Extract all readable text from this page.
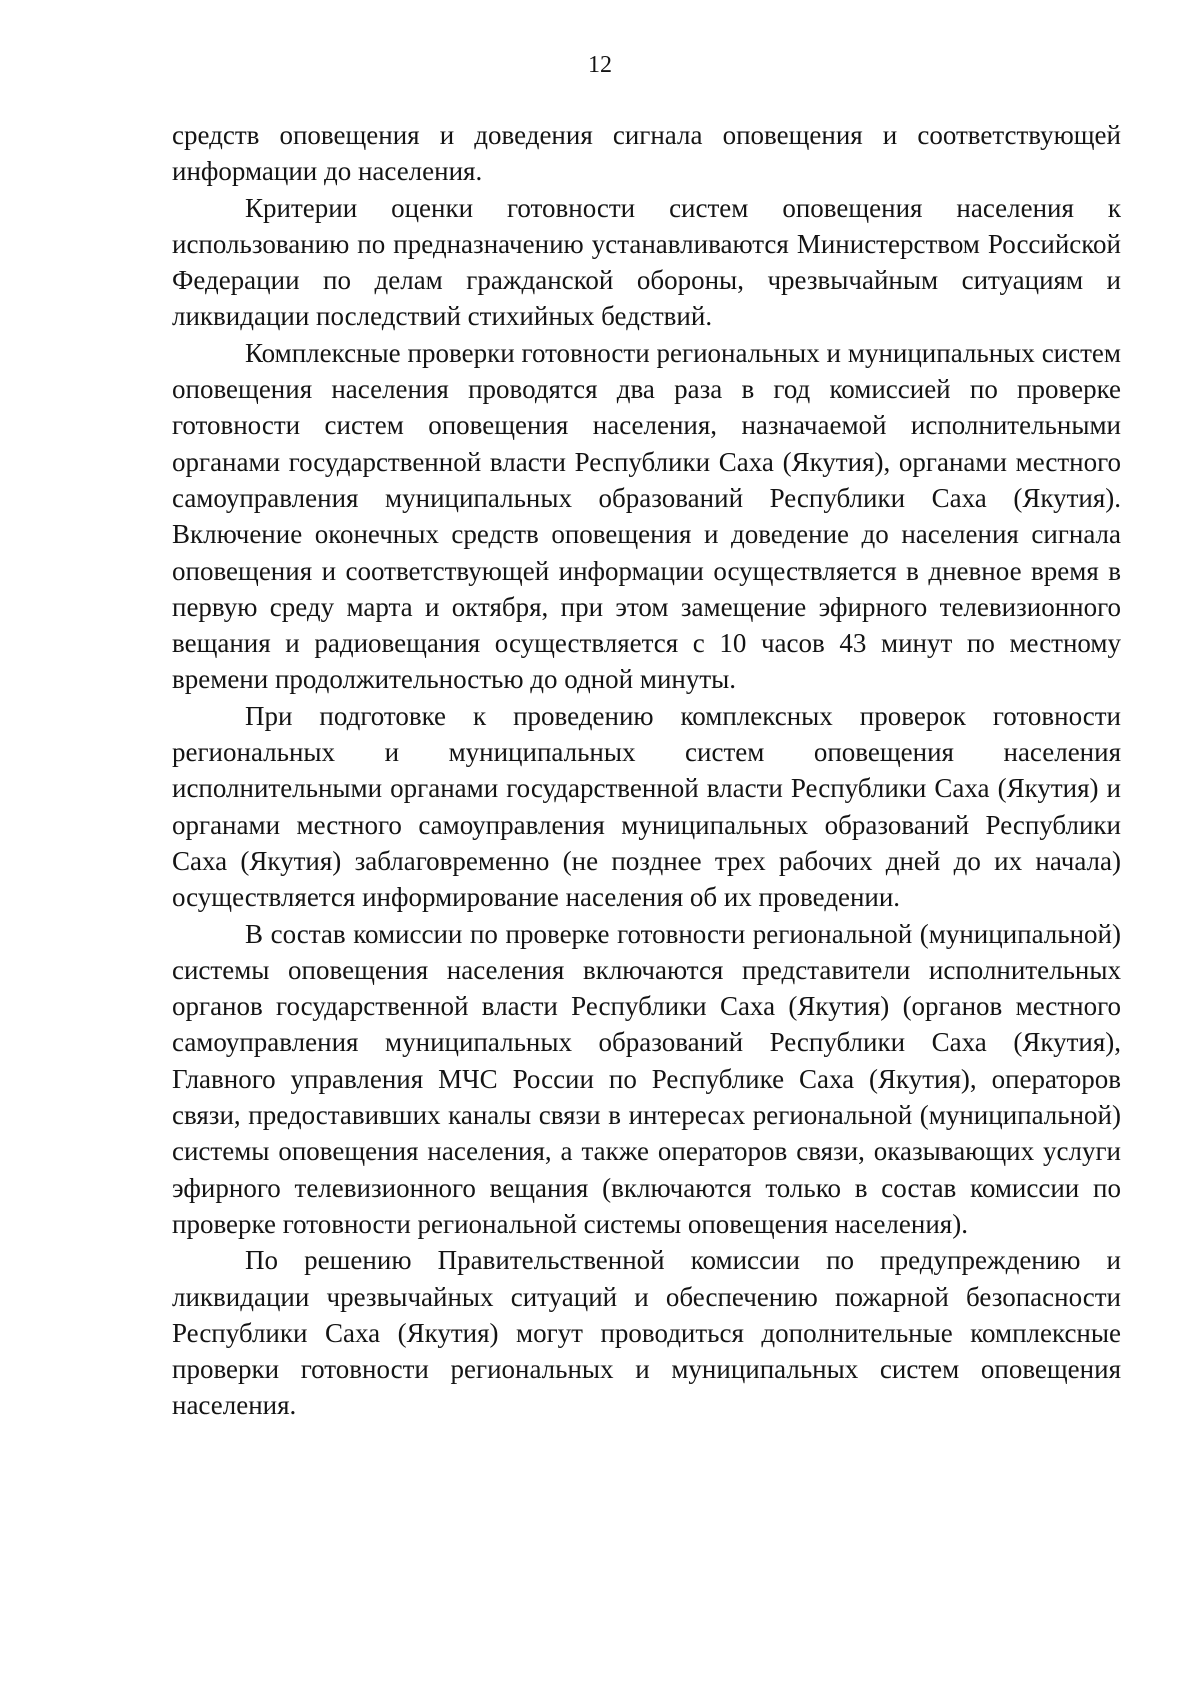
12

средств оповещения и доведения сигнала оповещения и соответствующей информации до населения.

Критерии оценки готовности систем оповещения населения к использованию по предназначению устанавливаются Министерством Российской Федерации по делам гражданской обороны, чрезвычайным ситуациям и ликвидации последствий стихийных бедствий.

Комплексные проверки готовности региональных и муниципальных систем оповещения населения проводятся два раза в год комиссией по проверке готовности систем оповещения населения, назначаемой исполнительными органами государственной власти Республики Саха (Якутия), органами местного самоуправления муниципальных образований Республики Саха (Якутия). Включение оконечных средств оповещения и доведение до населения сигнала оповещения и соответствующей информации осуществляется в дневное время в первую среду марта и октября, при этом замещение эфирного телевизионного вещания и радиовещания осуществляется с 10 часов 43 минут по местному времени продолжительностью до одной минуты.

При подготовке к проведению комплексных проверок готовности региональных и муниципальных систем оповещения населения исполнительными органами государственной власти Республики Саха (Якутия) и органами местного самоуправления муниципальных образований Республики Саха (Якутия) заблаговременно (не позднее трех рабочих дней до их начала) осуществляется информирование населения об их проведении.

В состав комиссии по проверке готовности региональной (муниципальной) системы оповещения населения включаются представители исполнительных органов государственной власти Республики Саха (Якутия) (органов местного самоуправления муниципальных образований Республики Саха (Якутия), Главного управления МЧС России по Республике Саха (Якутия), операторов связи, предоставивших каналы связи в интересах региональной (муниципальной) системы оповещения населения, а также операторов связи, оказывающих услуги эфирного телевизионного вещания (включаются только в состав комиссии по проверке готовности региональной системы оповещения населения).

По решению Правительственной комиссии по предупреждению и ликвидации чрезвычайных ситуаций и обеспечению пожарной безопасности Республики Саха (Якутия) могут проводиться дополнительные комплексные проверки готовности региональных и муниципальных систем оповещения населения.
